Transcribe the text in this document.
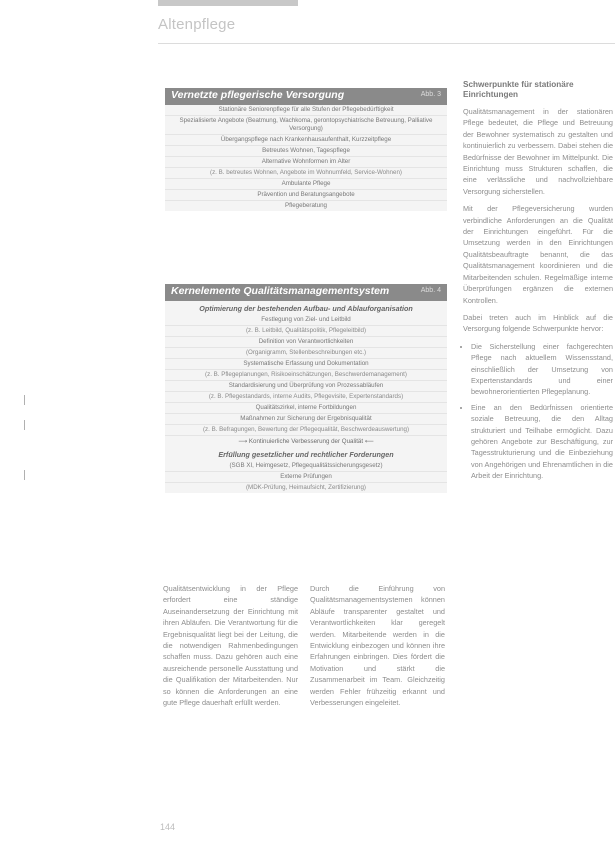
Altenpflege
Vernetzte pflegerische Versorgung	Abb. 3
Stationäre Seniorenpflege für alle Stufen der Pflegebedürftigkeit
Spezialisierte Angebote (Beatmung, Wachkoma, gerontopsychiatrische Betreuung, Palliative Versorgung)
Übergangspflege nach Krankenhausaufenthalt, Kurzzeitpflege
Betreutes Wohnen, Tagespflege
Alternative Wohnformen im Alter
(z. B. betreutes Wohnen, Angebote im Wohnumfeld, Service-Wohnen)
Ambulante Pflege
Prävention und Beratungsangebote
Pflegeberatung
Kernelemente Qualitätsmanagementsystem	Abb. 4
Optimierung der bestehenden Aufbau- und Ablauforganisation
Festlegung von Ziel- und Leitbild
(z. B. Leitbild, Qualitätspolitik, Pflegeleitbild)
Definition von Verantwortlichkeiten
(Organigramm, Stellenbeschreibungen etc.)
Systematische Erfassung und Dokumentation
(z. B. Pflegeplanungen, Risikoeinschätzungen, Beschwerdemanagement)
Standardisierung und Überprüfung von Prozessabläufen
(z. B. Pflegestandards, interne Audits, Pflegevisite, Expertenstandards)
Qualitätszirkel, interne Fortbildungen
Maßnahmen zur Sicherung der Ergebnisqualität
(z. B. Befragungen, Bewertung der Pflegequalität, Beschwerdeauswertung)
⟶ Kontinuierliche Verbesserung der Qualität ⟵
Erfüllung gesetzlicher und rechtlicher Forderungen
(SGB XI, Heimgesetz, Pflegequalitätssicherungsgesetz)
Externe Prüfungen
(MDK-Prüfung, Heimaufsicht, Zertifizierung)
Schwerpunkte für stationäre Einrichtungen

Qualitätsmanagement in der stationären Pflege bedeutet, die Pflege und Betreuung der Bewohner systematisch zu gestalten und kontinuierlich zu verbessern. Dabei stehen die Bedürfnisse der Bewohner im Mittelpunkt. Die Einrichtung muss Strukturen schaffen, die eine verlässliche und nachvollziehbare Versorgung sicherstellen.

Mit der Pflegeversicherung wurden verbindliche Anforderungen an die Qualität der Einrichtungen eingeführt. Für die Umsetzung werden in den Einrichtungen Qualitätsbeauftragte benannt, die das Qualitätsmanagement koordinieren und die Mitarbeitenden schulen. Regelmäßige interne Überprüfungen ergänzen die externen Kontrollen.

Dabei treten auch im Hinblick auf die Versorgung folgende Schwerpunkte hervor:

• Die Sicherstellung einer fachgerechten Pflege nach aktuellem Wissensstand, einschließlich der Umsetzung von Expertenstandards und einer bewohnerorientierten Pflegeplanung.
• Eine an den Bedürfnissen orientierte soziale Betreuung, die den Alltag strukturiert und Teilhabe ermöglicht. Dazu gehören Angebote zur Beschäftigung, zur Tagesstrukturierung und die Einbeziehung von Angehörigen und Ehrenamtlichen in die Arbeit der Einrichtung.
Qualitätsentwicklung in der Pflege erfordert eine ständige Auseinandersetzung der Einrichtung mit ihren Abläufen. Die Verantwortung für die Ergebnisqualität liegt bei der Leitung, die die notwendigen Rahmenbedingungen schaffen muss. Dazu gehören auch eine ausreichende personelle Ausstattung und die Qualifikation der Mitarbeitenden. Nur so können die Anforderungen an eine gute Pflege dauerhaft erfüllt werden.
Durch die Einführung von Qualitätsmanagementsystemen können Abläufe transparenter gestaltet und Verantwortlichkeiten klar geregelt werden. Mitarbeitende werden in die Entwicklung einbezogen und können ihre Erfahrungen einbringen. Dies fördert die Motivation und stärkt die Zusammenarbeit im Team. Gleichzeitig werden Fehler frühzeitig erkannt und Verbesserungen eingeleitet.
144
